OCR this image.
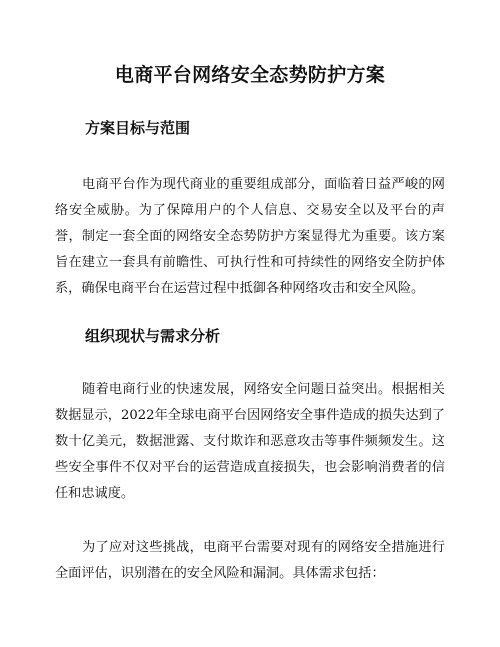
电商平台网络安全态势防护方案
方案目标与范围

电商平台作为现代商业的重要组成部分，面临着日益严峻的网络安全威胁。为了保障用户的个人信息、交易安全以及平台的声誉，制定一套全面的网络安全态势防护方案显得尤为重要。该方案旨在建立一套具有前瞻性、可执行性和可持续性的网络安全防护体系，确保电商平台在运营过程中抵御各种网络攻击和安全风险。

组织现状与需求分析

随着电商行业的快速发展，网络安全问题日益突出。根据相关数据显示，2022年全球电商平台因网络安全事件造成的损失达到了数十亿美元，数据泄露、支付欺诈和恶意攻击等事件频频发生。这些安全事件不仅对平台的运营造成直接损失，也会影响消费者的信任和忠诚度。

为了应对这些挑战，电商平台需要对现有的网络安全措施进行全面评估，识别潜在的安全风险和漏洞。具体需求包括：
